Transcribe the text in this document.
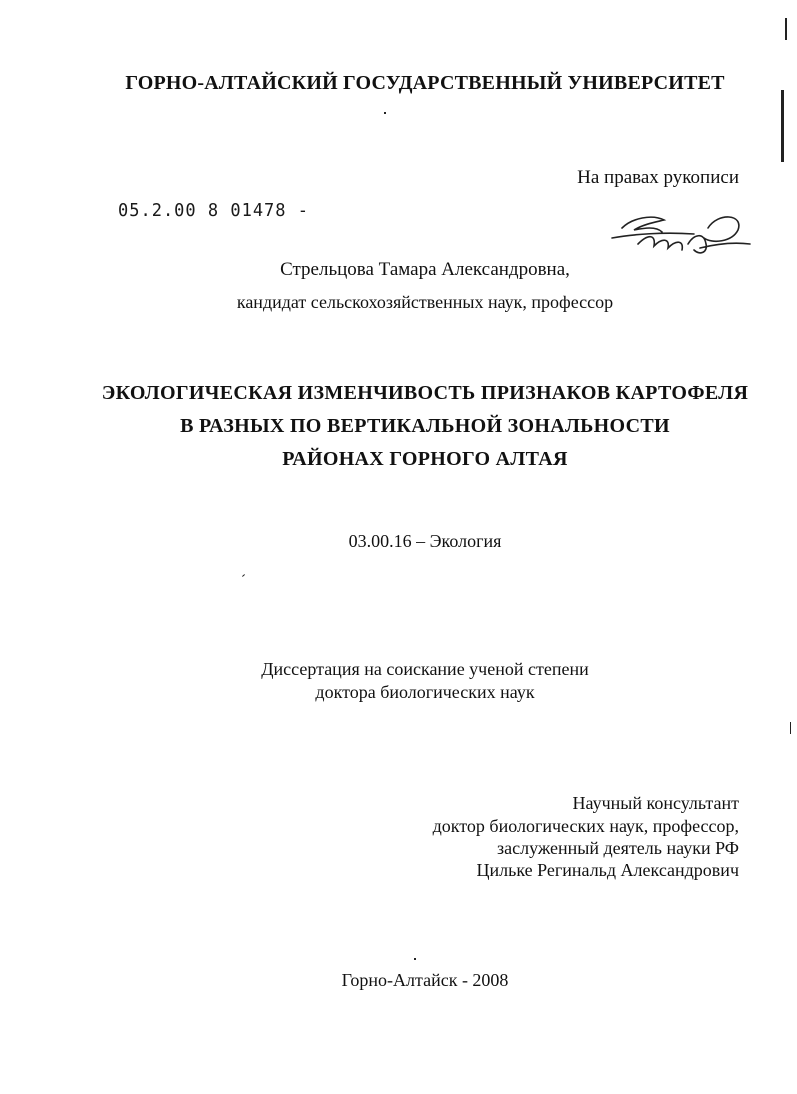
ГОРНО-АЛТАЙСКИЙ ГОСУДАРСТВЕННЫЙ УНИВЕРСИТЕТ
На правах рукописи
05.2.00 8 01478 -
Стрельцова Тамара Александровна,
кандидат сельскохозяйственных наук, профессор
ЭКОЛОГИЧЕСКАЯ ИЗМЕНЧИВОСТЬ ПРИЗНАКОВ КАРТОФЕЛЯ
В РАЗНЫХ ПО ВЕРТИКАЛЬНОЙ ЗОНАЛЬНОСТИ
РАЙОНАХ ГОРНОГО АЛТАЯ
03.00.16 – Экология
Диссертация на соискание ученой степени
доктора биологических наук
Научный консультант
доктор биологических наук, профессор,
заслуженный деятель науки РФ
Цильке Регинальд Александрович
Горно-Алтайск - 2008
